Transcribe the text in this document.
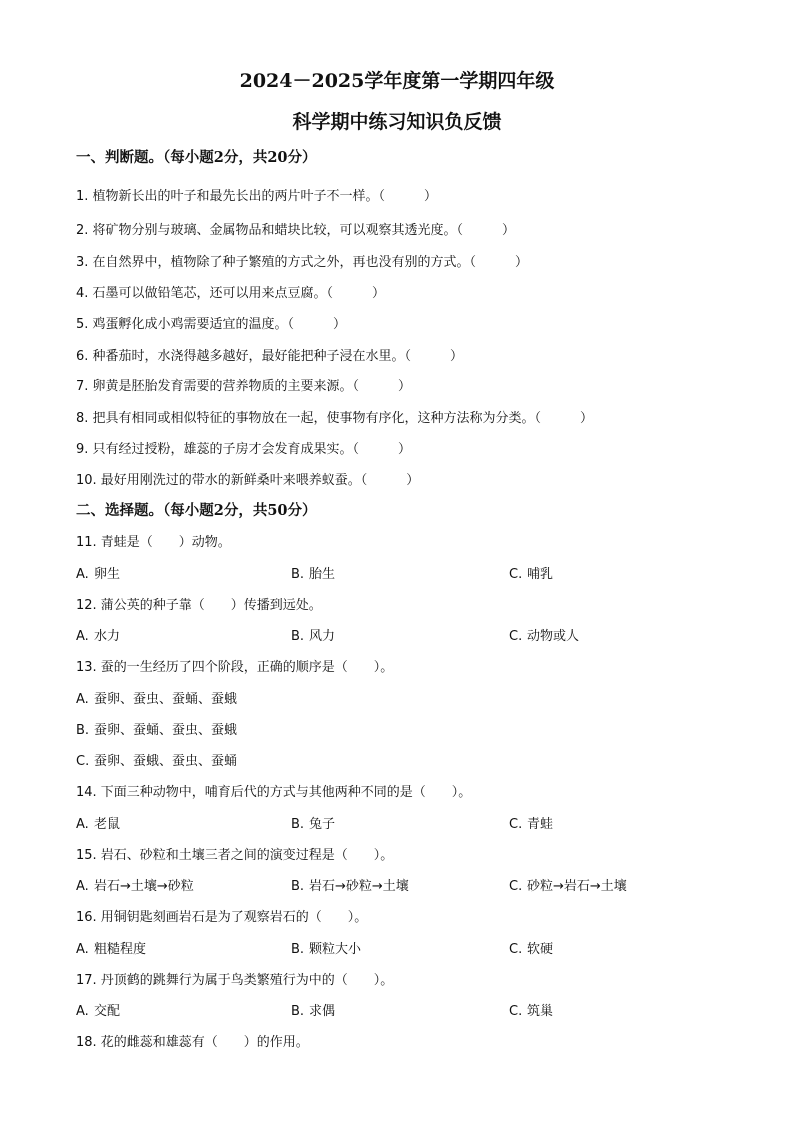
2024－2025学年度第一学期四年级
科学期中练习知识负反馈
一、判断题。（每小题2分，共20分）
1. 植物新长出的叶子和最先长出的两片叶子不一样。（　　　）
2. 将矿物分别与玻璃、金属物品和蜡块比较，可以观察其透光度。（　　　）
3. 在自然界中，植物除了种子繁殖的方式之外，再也没有别的方式。（　　　）
4. 石墨可以做铅笔芯，还可以用来点豆腐。（　　　）
5. 鸡蛋孵化成小鸡需要适宜的温度。（　　　）
6. 种番茄时，水浇得越多越好，最好能把种子浸在水里。（　　　）
7. 卵黄是胚胎发育需要的营养物质的主要来源。（　　　）
8. 把具有相同或相似特征的事物放在一起，使事物有序化，这种方法称为分类。（　　　）
9. 只有经过授粉，雄蕊的子房才会发育成果实。（　　　）
10. 最好用刚洗过的带水的新鲜桑叶来喂养蚁蚕。（　　　）
二、选择题。（每小题2分，共50分）
11. 青蛙是（　　）动物。
A. 卵生	B. 胎生	C. 哺乳
12. 蒲公英的种子靠（　　）传播到远处。
A. 水力	B. 风力	C. 动物或人
13. 蚕的一生经历了四个阶段，正确的顺序是（　　）。
A. 蚕卵、蚕虫、蚕蛹、蚕蛾
B. 蚕卵、蚕蛹、蚕虫、蚕蛾
C. 蚕卵、蚕蛾、蚕虫、蚕蛹
14. 下面三种动物中，哺育后代的方式与其他两种不同的是（　　）。
A. 老鼠	B. 兔子	C. 青蛙
15. 岩石、砂粒和土壤三者之间的演变过程是（　　）。
A. 岩石→土壤→砂粒	B. 岩石→砂粒→土壤	C. 砂粒→岩石→土壤
16. 用铜钥匙刻画岩石是为了观察岩石的（　　）。
A. 粗糙程度	B. 颗粒大小	C. 软硬
17. 丹顶鹤的跳舞行为属于鸟类繁殖行为中的（　　）。
A. 交配	B. 求偶	C. 筑巢
18. 花的雌蕊和雄蕊有（　　）的作用。
